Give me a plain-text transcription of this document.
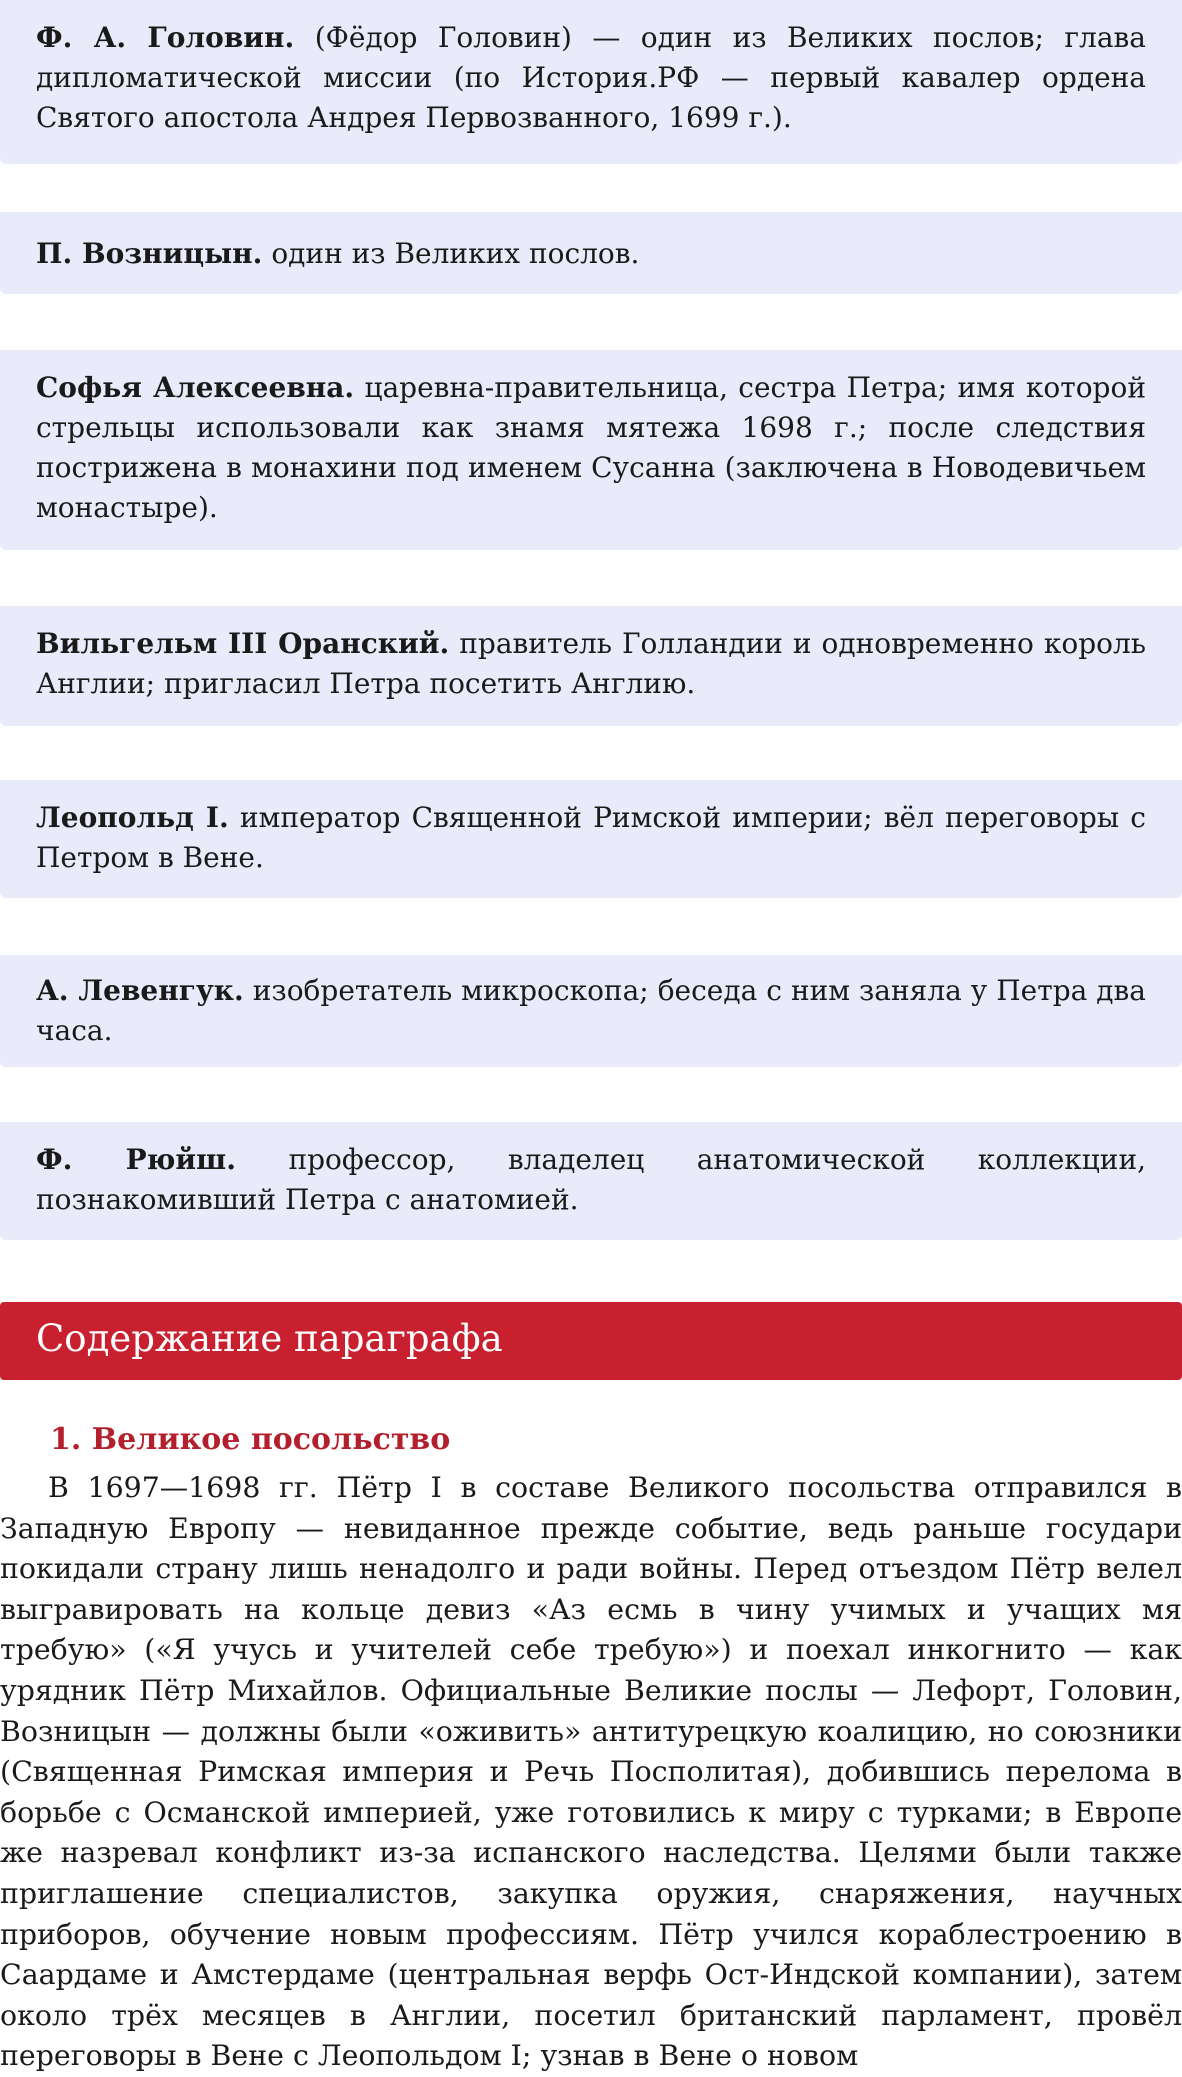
Ф. А. Головин. (Фёдор Головин) — один из Великих послов; глава дипломатической миссии (по История.РФ — первый кавалер ордена Святого апостола Андрея Первозванного, 1699 г.).
П. Возницын. один из Великих послов.
Софья Алексеевна. царевна-правительница, сестра Петра; имя которой стрельцы использовали как знамя мятежа 1698 г.; после следствия пострижена в монахини под именем Сусанна (заключена в Новодевичьем монастыре).
Вильгельм III Оранский. правитель Голландии и одновременно король Англии; пригласил Петра посетить Англию.
Леопольд I. император Священной Римской империи; вёл переговоры с Петром в Вене.
А. Левенгук. изобретатель микроскопа; беседа с ним заняла у Петра два часа.
Ф. Рюйш. профессор, владелец анатомической коллекции, познакомивший Петра с анатомией.
Содержание параграфа
1. Великое посольство

В 1697—1698 гг. Пётр I в составе Великого посольства отправился в Западную Европу — невиданное прежде событие, ведь раньше государи покидали страну лишь ненадолго и ради войны. Перед отъездом Пётр велел выгравировать на кольце девиз «Аз есмь в чину учимых и учащих мя требую» («Я учусь и учителей себе требую») и поехал инкогнито — как урядник Пётр Михайлов. Официальные Великие послы — Лефорт, Головин, Возницын — должны были «оживить» антитурецкую коалицию, но союзники (Священная Римская империя и Речь Посполитая), добившись перелома в борьбе с Османской империей, уже готовились к миру с турками; в Европе же назревал конфликт из-за испанского наследства. Целями были также приглашение специалистов, закупка оружия, снаряжения, научных приборов, обучение новым профессиям. Пётр учился кораблестроению в Саардаме и Амстердаме (центральная верфь Ост-Индской компании), затем около трёх месяцев в Англии, посетил британский парламент, провёл переговоры в Вене с Леопольдом I; узнав в Вене о новом
